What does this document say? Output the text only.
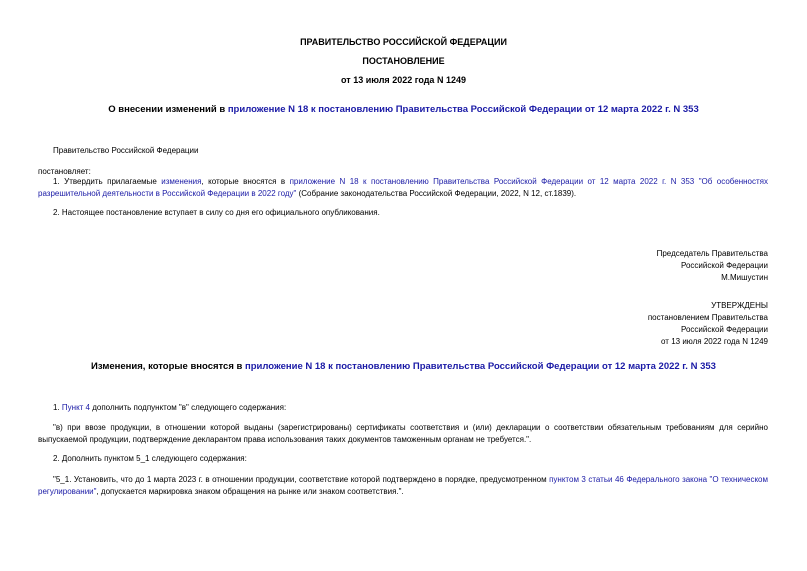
ПРАВИТЕЛЬСТВО РОССИЙСКОЙ ФЕДЕРАЦИИ
ПОСТАНОВЛЕНИЕ
от 13 июля 2022 года N 1249
О внесении изменений в приложение N 18 к постановлению Правительства Российской Федерации от 12 марта 2022 г. N 353
Правительство Российской Федерации
постановляет:
1. Утвердить прилагаемые изменения, которые вносятся в приложение N 18 к постановлению Правительства Российской Федерации от 12 марта 2022 г. N 353 "Об особенностях разрешительной деятельности в Российской Федерации в 2022 году" (Собрание законодательства Российской Федерации, 2022, N 12, ст.1839).
2. Настоящее постановление вступает в силу со дня его официального опубликования.
Председатель Правительства
Российской Федерации
М.Мишустин
УТВЕРЖДЕНЫ
постановлением Правительства
Российской Федерации
от 13 июля 2022 года N 1249
Изменения, которые вносятся в приложение N 18 к постановлению Правительства Российской Федерации от 12 марта 2022 г. N 353
1. Пункт 4 дополнить подпунктом "в" следующего содержания:
"в) при ввозе продукции, в отношении которой выданы (зарегистрированы) сертификаты соответствия и (или) декларации о соответствии обязательным требованиям для серийно выпускаемой продукции, подтверждение декларантом права использования таких документов таможенным органам не требуется.".
2. Дополнить пунктом 5_1 следующего содержания:
"5_1. Установить, что до 1 марта 2023 г. в отношении продукции, соответствие которой подтверждено в порядке, предусмотренном пунктом 3 статьи 46 Федерального закона "О техническом регулировании", допускается маркировка знаком обращения на рынке или знаком соответствия.".
